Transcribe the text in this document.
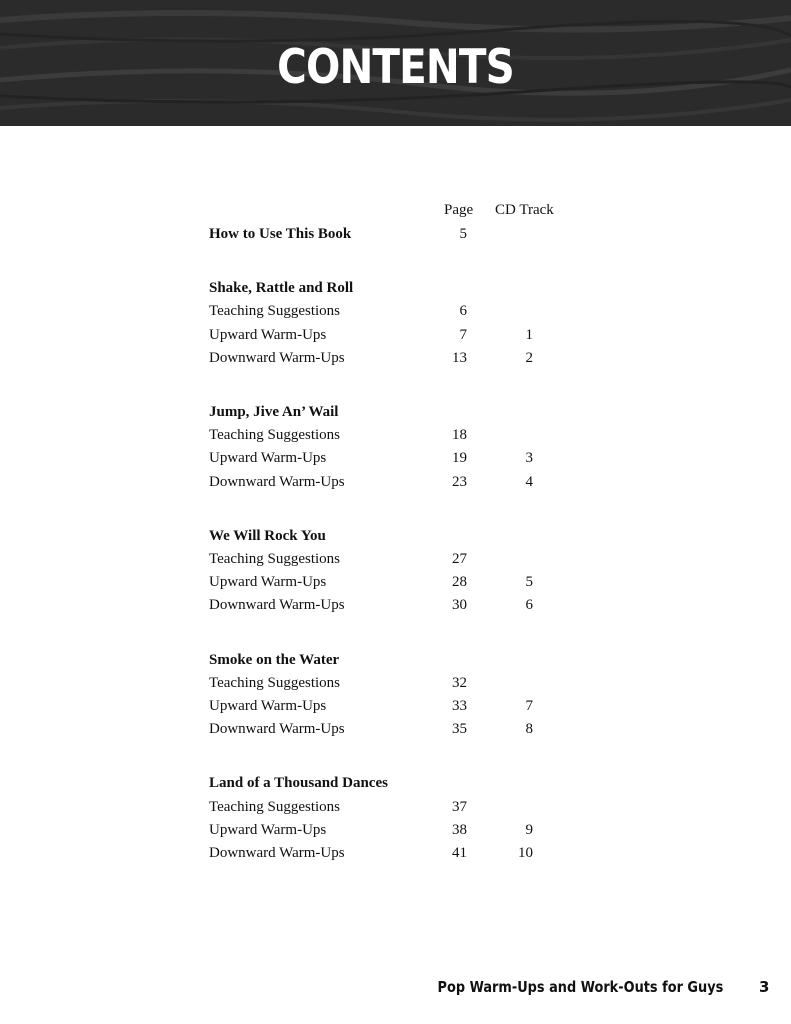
CONTENTS
Page CD Track
How to Use This Book	5
Shake, Rattle and Roll
Teaching Suggestions	6
Upward Warm-Ups	7	1
Downward Warm-Ups	13	2
Jump, Jive An’ Wail
Teaching Suggestions	18
Upward Warm-Ups	19	3
Downward Warm-Ups	23	4
We Will Rock You
Teaching Suggestions	27
Upward Warm-Ups	28	5
Downward Warm-Ups	30	6
Smoke on the Water
Teaching Suggestions	32
Upward Warm-Ups	33	7
Downward Warm-Ups	35	8
Land of a Thousand Dances
Teaching Suggestions	37
Upward Warm-Ups	38	9
Downward Warm-Ups	41	10
Pop Warm-Ups and Work-Outs for Guys 3
